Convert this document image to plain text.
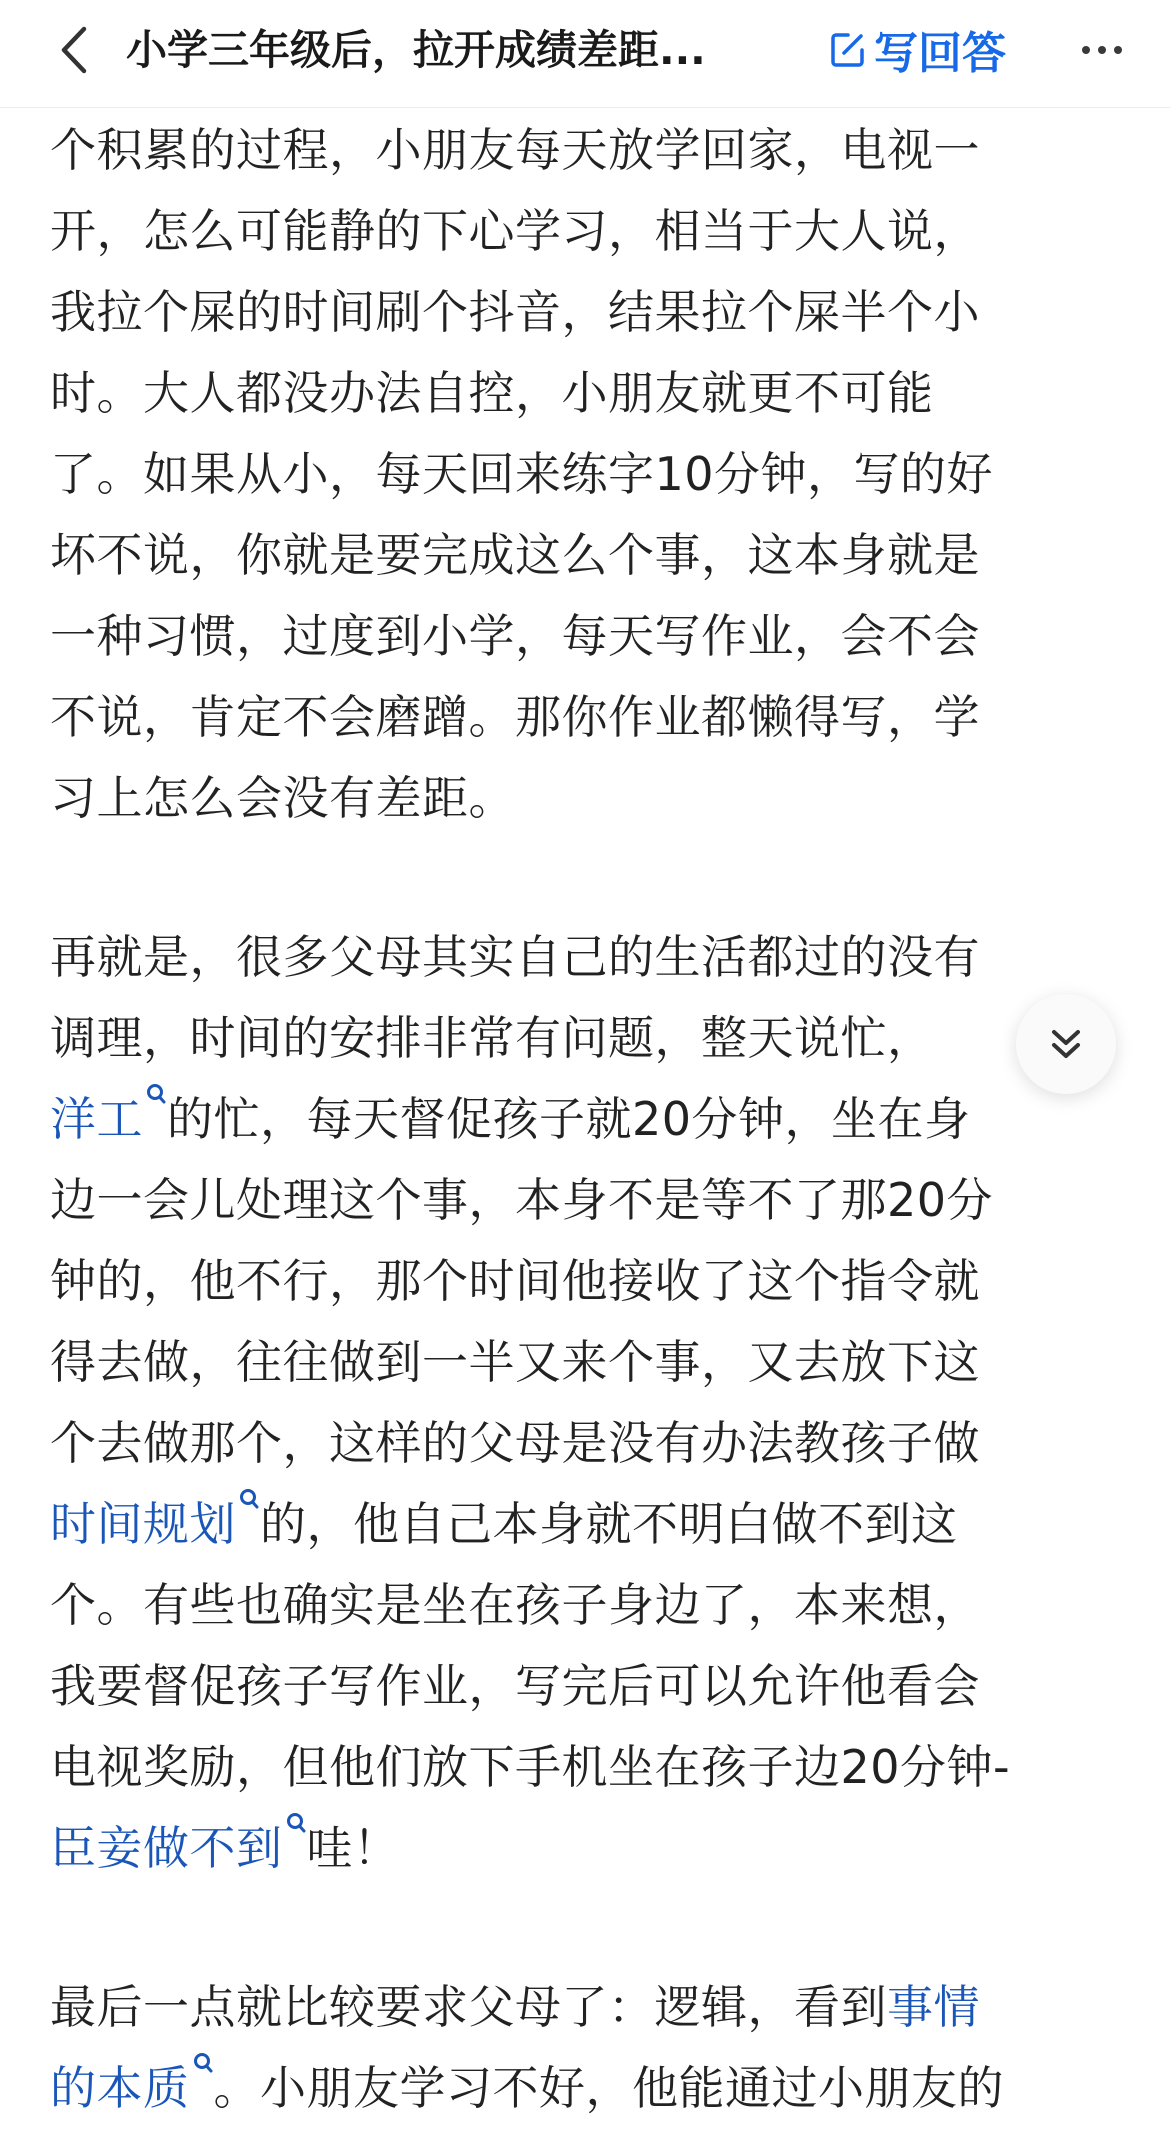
小学三年级后，拉开成绩差距...	写回答
个积累的过程，小朋友每天放学回家，电视一
开，怎么可能静的下心学习，相当于大人说，
我拉个屎的时间刷个抖音，结果拉个屎半个小
时。大人都没办法自控，小朋友就更不可能
了。如果从小，每天回来练字10分钟，写的好
坏不说，你就是要完成这么个事，这本身就是
一种习惯，过度到小学，每天写作业，会不会
不说，肯定不会磨蹭。那你作业都懒得写，学
习上怎么会没有差距。
再就是，很多父母其实自己的生活都过的没有
调理，时间的安排非常有问题，整天说忙，
洋工 的忙，每天督促孩子就20分钟，坐在身
边一会儿处理这个事，本身不是等不了那20分
钟的，他不行，那个时间他接收了这个指令就
得去做，往往做到一半又来个事，又去放下这
个去做那个，这样的父母是没有办法教孩子做
时间规划 的，他自己本身就不明白做不到这
个。有些也确实是坐在孩子身边了，本来想，
我要督促孩子写作业，写完后可以允许他看会
电视奖励，但他们放下手机坐在孩子边20分钟-
臣妾做不到 哇！
最后一点就比较要求父母了：逻辑，看到事情
的本质 。小朋友学习不好，他能通过小朋友的
